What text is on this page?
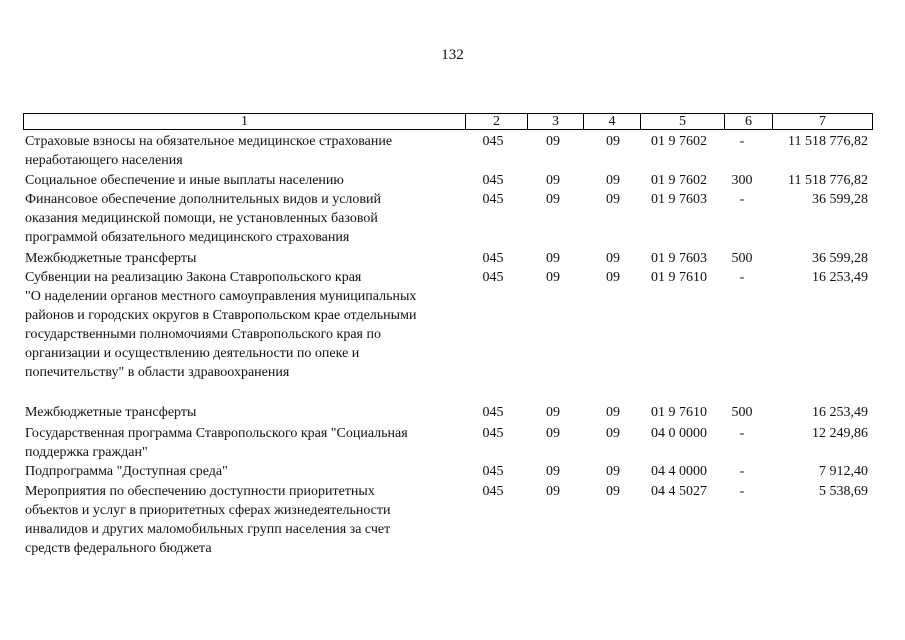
132
1	2	3	4	5	6	7
Страховые взносы на обязательное медицинское страхование
неработающего населения
045	09	09	01 9 7602	-	11 518 776,82
Социальное обеспечение и иные выплаты населению	045	09	09	01 9 7602	300	11 518 776,82
Финансовое обеспечение дополнительных видов и условий
оказания медицинской помощи, не установленных базовой
программой обязательного медицинского страхования
045	09	09	01 9 7603	-	36 599,28
Межбюджетные трансферты	045	09	09	01 9 7603	500	36 599,28
Субвенции на реализацию Закона Ставропольского края
"О наделении органов местного самоуправления муниципальных
районов и городских округов в Ставропольском крае отдельными
государственными полномочиями Ставропольского края по
организации и осуществлению деятельности по опеке и
попечительству" в области здравоохранения
045	09	09	01 9 7610	-	16 253,49
Межбюджетные трансферты	045	09	09	01 9 7610	500	16 253,49
Государственная программа Ставропольского края "Социальная
поддержка граждан"
045	09	09	04 0 0000	-	12 249,86
Подпрограмма "Доступная среда"	045	09	09	04 4 0000	-	7 912,40
Мероприятия по обеспечению доступности приоритетных
объектов и услуг в приоритетных сферах жизнедеятельности
инвалидов и других маломобильных групп населения за счет
средств федерального бюджета
045	09	09	04 4 5027	-	5 538,69
